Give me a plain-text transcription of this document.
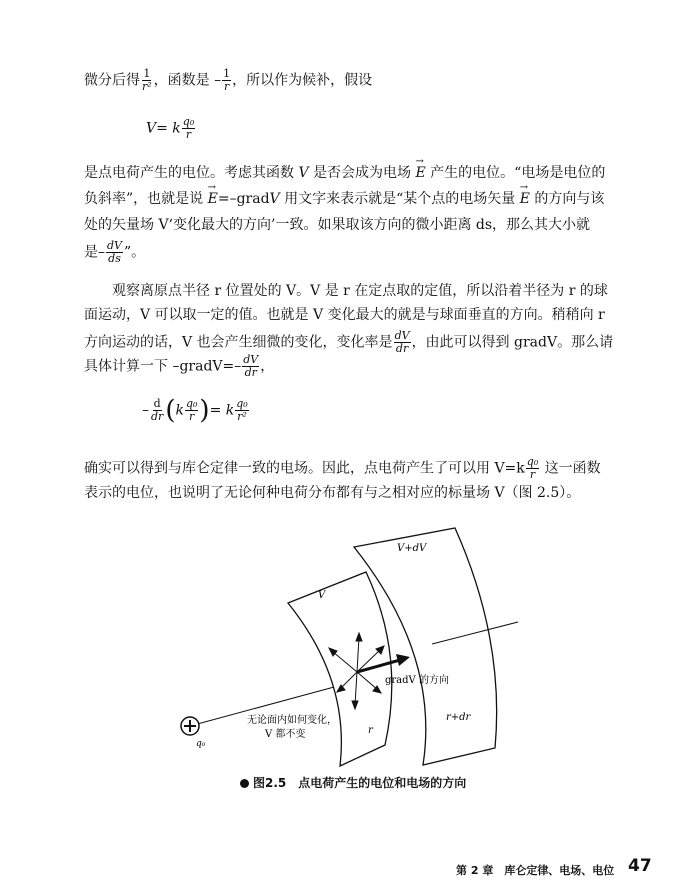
微分后得 $\frac{1}{\text{r²}}$ ，函数是 – $\frac{1}{r}$ ，所以作为候补，假设
V= k $\frac{\text{q₀}}{r}$
是点电荷产生的电位。考虑其函数 V 是否会成为电场 → E 产生的电位。“电场是电位的
负斜率”，也就是说 → E=–gradV 用文字来表示就是“某个点的电场矢量 → E 的方向与该
处的矢量场 V‘变化最大的方向’一致。如果取该方向的微小距离 ds，那么其大小就
是– $\frac{dV}{ds}$ ”。
观察离原点半径 r 位置处的 V。V 是 r 在定点取的定值，所以沿着半径为 r 的球
面运动，V 可以取一定的值。也就是 V 变化最大的就是与球面垂直的方向。稍稍向 r
方向运动的话，V 也会产生细微的变化，变化率是 $\frac{dV}{dr}$ ，由此可以得到 gradV。那么请
具体计算一下 –gradV=– $\frac{dV}{dr}$ ，
– $\frac{d}{dr} (k \frac{\text{q₀}}{r}$ )= k $\frac{\text{q₀}}{\text{r²}}$
确实可以得到与库仑定律一致的电场。因此，点电荷产生了可以用 $V=k \frac{\text{q₀}}{r}$ 这一函数
表示的电位，也说明了无论何种电荷分布都有与之相对应的标量场 V（图 2.5）。
V
V+dV
gradV 的方向
无论面内如何变化，
V 都不变	r
r+dr
q₀
图2.5　点电荷产生的电位和电场的方向
第 2 章　库仑定律、电场、电位 47
